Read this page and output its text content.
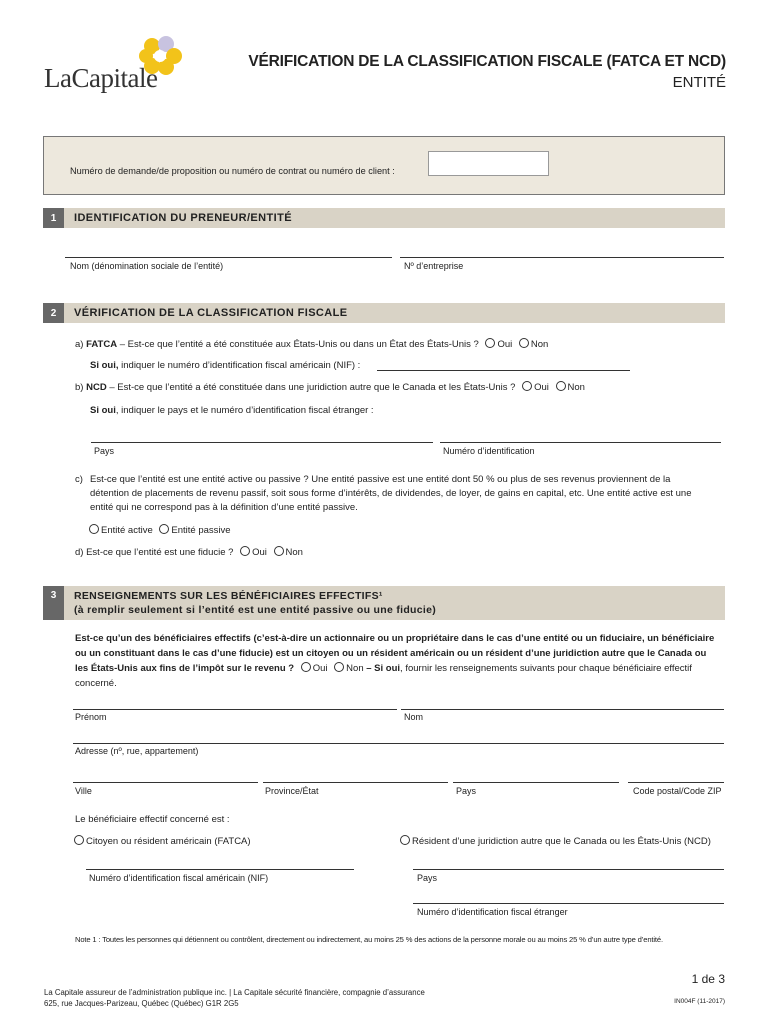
LaCapitale
VÉRIFICATION DE LA CLASSIFICATION FISCALE (FATCA ET NCD)
ENTITÉ
Numéro de demande/de proposition ou numéro de contrat ou numéro de client :
1	IDENTIFICATION DU PRENEUR/ENTITÉ
Nom (dénomination sociale de l’entité)	Nº d’entreprise
2	VÉRIFICATION DE LA CLASSIFICATION FISCALE
a) FATCA – Est-ce que l’entité a été constituée aux États-Unis ou dans un État des États-Unis ? Oui Non
Si oui, indiquer le numéro d’identification fiscal américain (NIF) :
b) NCD – Est-ce que l’entité a été constituée dans une juridiction autre que le Canada et les États-Unis ? Oui Non
Si oui, indiquer le pays et le numéro d’identification fiscal étranger :
Pays	Numéro d’identification
c) Est-ce que l’entité est une entité active ou passive ? Une entité passive est une entité dont 50 % ou plus de ses revenus proviennent de la
détention de placements de revenu passif, soit sous forme d’intérêts, de dividendes, de loyer, de gains en capital, etc. Une entité active est une
entité qui ne correspond pas à la définition d’une entité passive.
Entité active Entité passive
d) Est-ce que l’entité est une fiducie ? Oui Non
3	RENSEIGNEMENTS SUR LES BÉNÉFICIAIRES EFFECTIFS¹
(à remplir seulement si l’entité est une entité passive ou une fiducie)
Est-ce qu’un des bénéficiaires effectifs (c’est-à-dire un actionnaire ou un propriétaire dans le cas d’une entité ou un fiduciaire, un bénéficiaire
ou un constituant dans le cas d’une fiducie) est un citoyen ou un résident américain ou un résident d’une juridiction autre que le Canada ou
les États-Unis aux fins de l’impôt sur le revenu ? Oui Non – Si oui, fournir les renseignements suivants pour chaque bénéficiaire effectif
concerné.
Prénom	Nom
Adresse (nº, rue, appartement)
Ville	Province/État	Pays	Code postal/Code ZIP
Le bénéficiaire effectif concerné est :
Citoyen ou résident américain (FATCA)	Résident d’une juridiction autre que le Canada ou les États-Unis (NCD)
Numéro d’identification fiscal américain (NIF)	Pays
Numéro d’identification fiscal étranger
Note 1 : Toutes les personnes qui détiennent ou contrôlent, directement ou indirectement, au moins 25 % des actions de la personne morale ou au moins 25 % d’un autre type d’entité.
La Capitale assureur de l’administration publique inc. | La Capitale sécurité financière, compagnie d’assurance
625, rue Jacques-Parizeau, Québec (Québec) G1R 2G5
1 de 3
IN004F (11-2017)
